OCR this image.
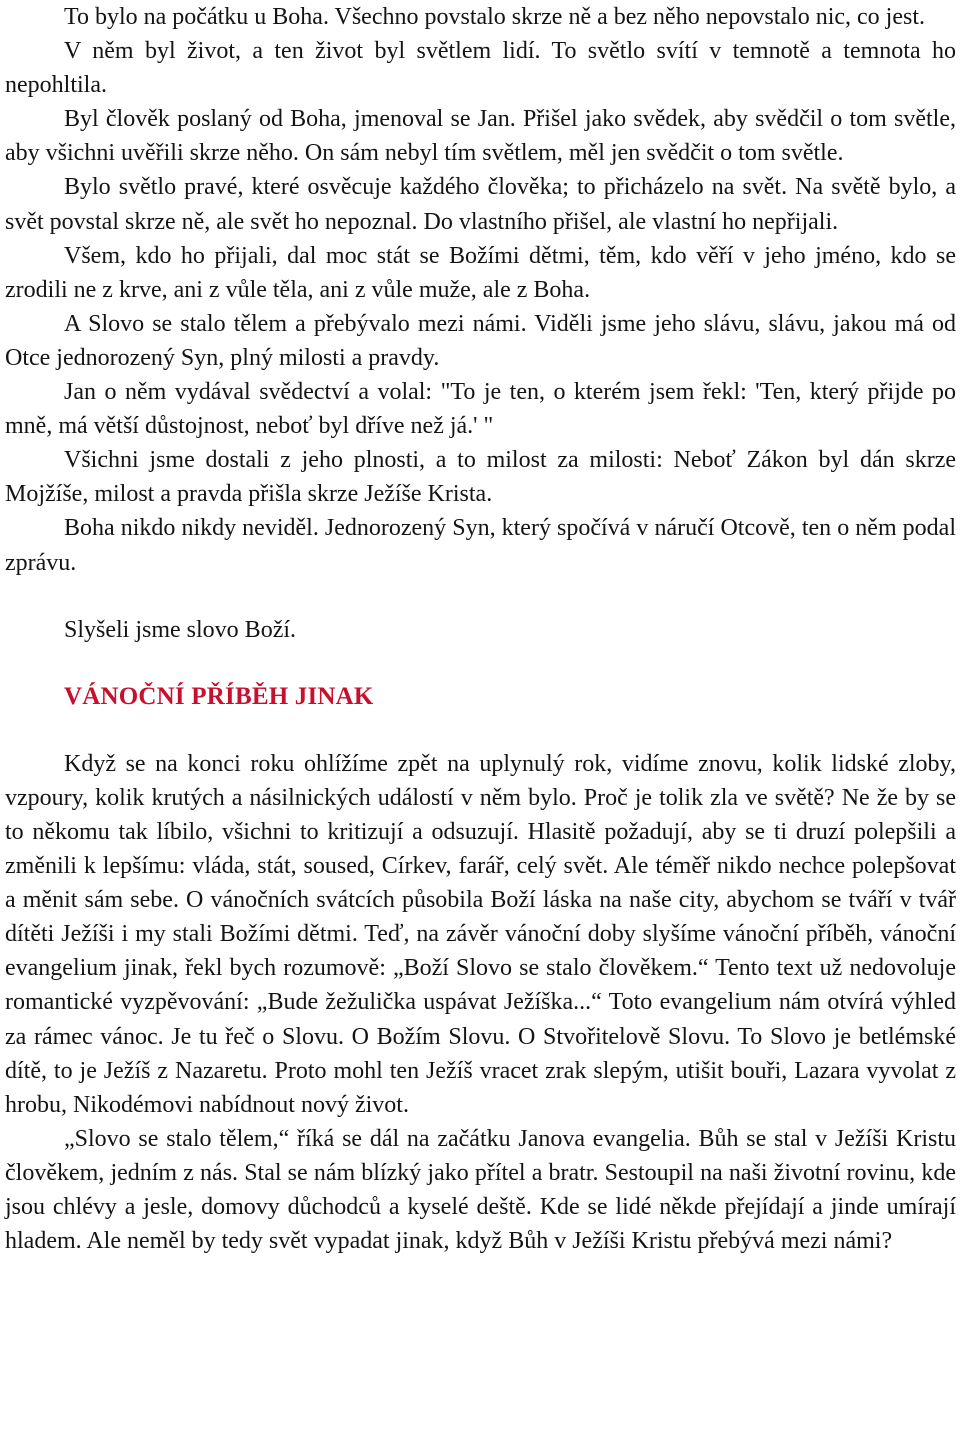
To bylo na počátku u Boha. Všechno povstalo skrze ně a bez něho nepovstalo nic, co jest.

V něm byl život, a ten život byl světlem lidí. To světlo svítí v temnotě a temnota ho nepohltila.

Byl člověk poslaný od Boha, jmenoval se Jan. Přišel jako svědek, aby svědčil o tom světle, aby všichni uvěřili skrze něho. On sám nebyl tím světlem, měl jen svědčit o tom světle.

Bylo světlo pravé, které osvěcuje každého člověka; to přicházelo na svět. Na světě bylo, a svět povstal skrze ně, ale svět ho nepoznal. Do vlastního přišel, ale vlastní ho nepřijali.

Všem, kdo ho přijali, dal moc stát se Božími dětmi, těm, kdo věří v jeho jméno, kdo se zrodili ne z krve, ani z vůle těla, ani z vůle muže, ale z Boha.

A Slovo se stalo tělem a přebývalo mezi námi. Viděli jsme jeho slávu, slávu, jakou má od Otce jednorozený Syn, plný milosti a pravdy.

Jan o něm vydával svědectví a volal: "To je ten, o kterém jsem řekl: 'Ten, který přijde po mně, má větší důstojnost, neboť byl dříve než já.' "

Všichni jsme dostali z jeho plnosti, a to milost za milosti: Neboť Zákon byl dán skrze Mojžíše, milost a pravda přišla skrze Ježíše Krista.

Boha nikdo nikdy neviděl. Jednorozený Syn, který spočívá v náručí Otcově, ten o něm podal zprávu.

Slyšeli jsme slovo Boží.

VÁNOČNÍ PŘÍBĚH JINAK

Když se na konci roku ohlížíme zpět na uplynulý rok, vidíme znovu, kolik lidské zloby, vzpoury, kolik krutých a násilnických událostí v něm bylo. Proč je tolik zla ve světě? Ne že by se to někomu tak líbilo, všichni to kritizují a odsuzují. Hlasitě požadují, aby se ti druzí polepšili a změnili k lepšímu: vláda, stát, soused, Církev, farář, celý svět. Ale téměř nikdo nechce polepšovat a měnit sám sebe. O vánočních svátcích působila Boží láska na naše city, abychom se tváří v tvář dítěti Ježíši i my stali Božími dětmi. Teď, na závěr vánoční doby slyšíme vánoční příběh, vánoční evangelium jinak, řekl bych rozumově: „Boží Slovo se stalo člověkem.“ Tento text už nedovoluje romantické vyzpěvování: „Bude žežulička uspávat Ježíška...“ Toto evangelium nám otvírá výhled za rámec vánoc. Je tu řeč o Slovu. O Božím Slovu. O Stvořitelově Slovu. To Slovo je betlémské dítě, to je Ježíš z Nazaretu. Proto mohl ten Ježíš vracet zrak slepým, utišit bouři, Lazara vyvolat z hrobu, Nikodémovi nabídnout nový život.

„Slovo se stalo tělem,“ říká se dál na začátku Janova evangelia. Bůh se stal v Ježíši Kristu člověkem, jedním z nás. Stal se nám blízký jako přítel a bratr. Sestoupil na naši životní rovinu, kde jsou chlévy a jesle, domovy důchodců a kyselé deště. Kde se lidé někde přejídají a jinde umírají hladem. Ale neměl by tedy svět vypadat jinak, když Bůh v Ježíši Kristu přebývá mezi námi?
